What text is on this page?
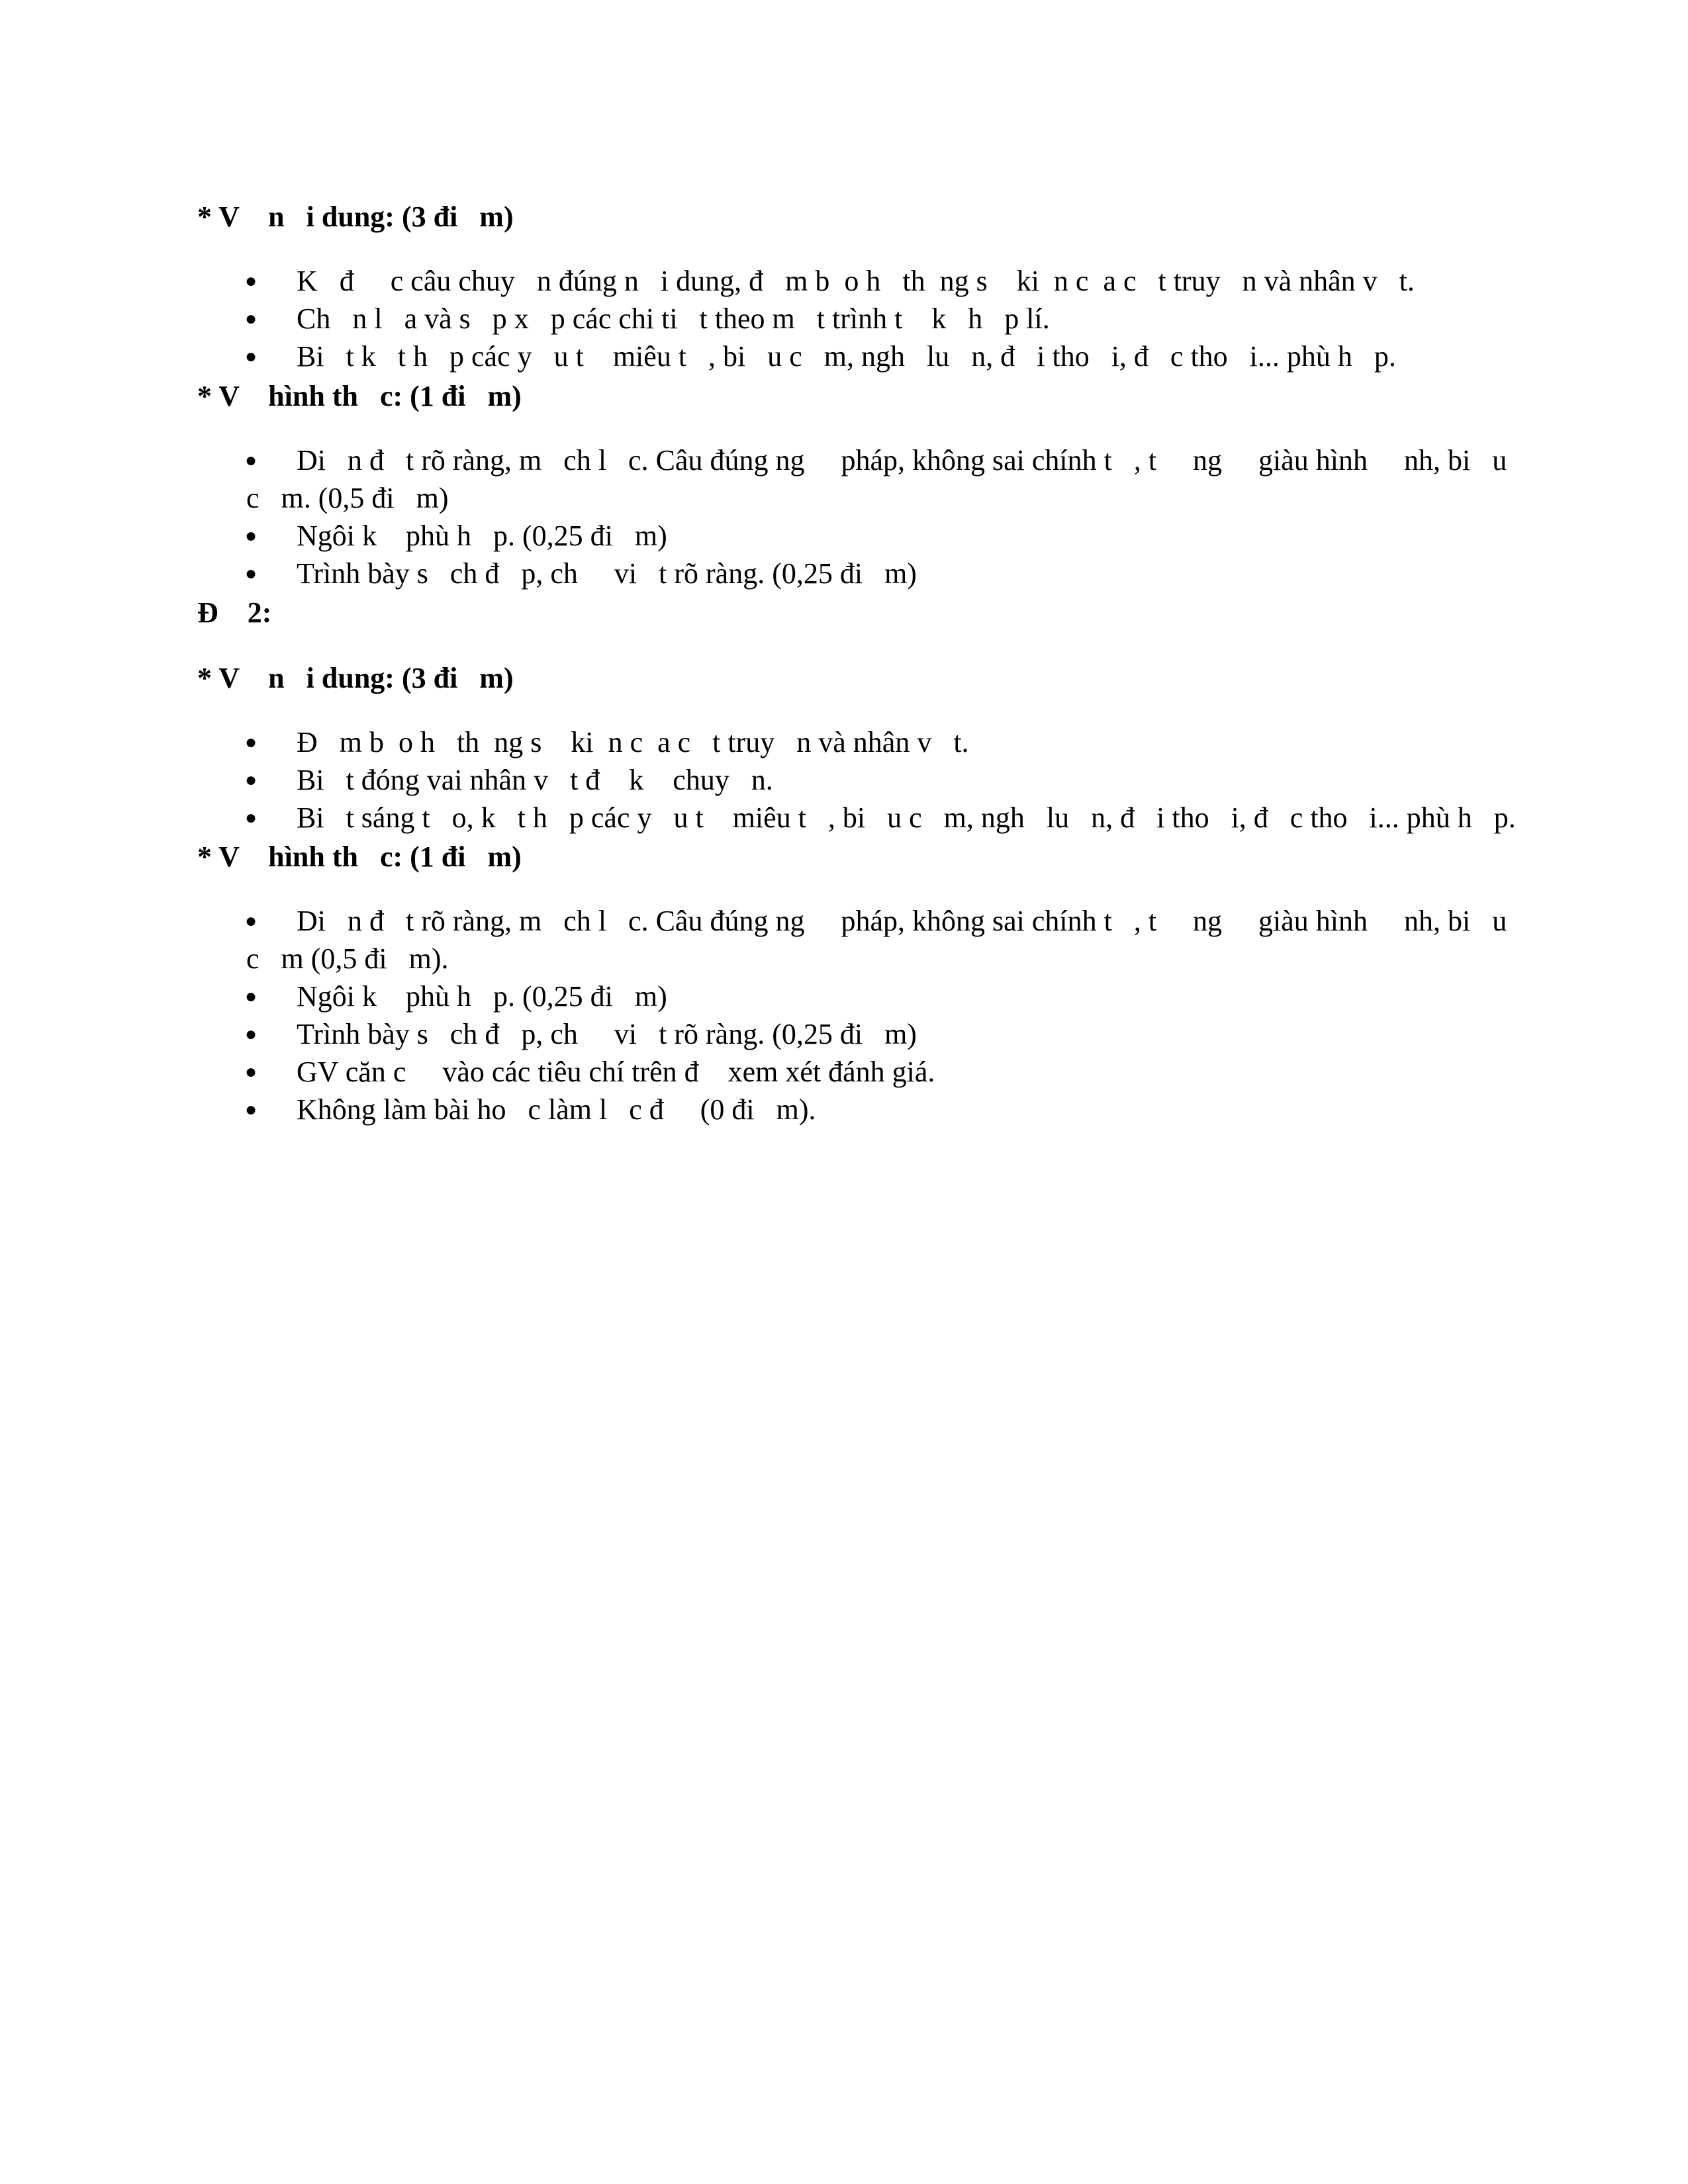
* V    n   i dung: (3 đi   m)
● K   đ     c câu chuy   n đúng n   i dung, đ   m b  o h   th  ng s    ki  n c  a c   t truy   n và nhân v   t.
● Ch   n l   a và s   p x   p các chi ti   t theo m   t trình t    k   h   p lí.
● Bi   t k   t h   p các y   u t    miêu t   , bi   u c   m, ngh   lu   n, đ   i tho   i, đ   c tho   i... phù h   p.
* V    hình th   c: (1 đi   m)
● Di   n đ   t rõ ràng, m   ch l   c. Câu đúng ng     pháp, không sai chính t   , t     ng     giàu hình     nh, bi   u
c   m. (0,5 đi   m)
● Ngôi k    phù h   p. (0,25 đi   m)
● Trình bày s   ch đ   p, ch     vi   t rõ ràng. (0,25 đi   m)
Đ    2:
* V    n   i dung: (3 đi   m)
● Đ   m b  o h   th  ng s    ki  n c  a c   t truy   n và nhân v   t.
● Bi   t đóng vai nhân v   t đ    k    chuy   n.
● Bi   t sáng t   o, k   t h   p các y   u t    miêu t   , bi   u c   m, ngh   lu   n, đ   i tho   i, đ   c tho   i... phù h   p.
* V    hình th   c: (1 đi   m)
● Di   n đ   t rõ ràng, m   ch l   c. Câu đúng ng     pháp, không sai chính t   , t     ng     giàu hình     nh, bi   u
c   m (0,5 đi   m).
● Ngôi k    phù h   p. (0,25 đi   m)
● Trình bày s   ch đ   p, ch     vi   t rõ ràng. (0,25 đi   m)
● GV căn c     vào các tiêu chí trên đ    xem xét đánh giá.
● Không làm bài ho   c làm l   c đ     (0 đi   m).
